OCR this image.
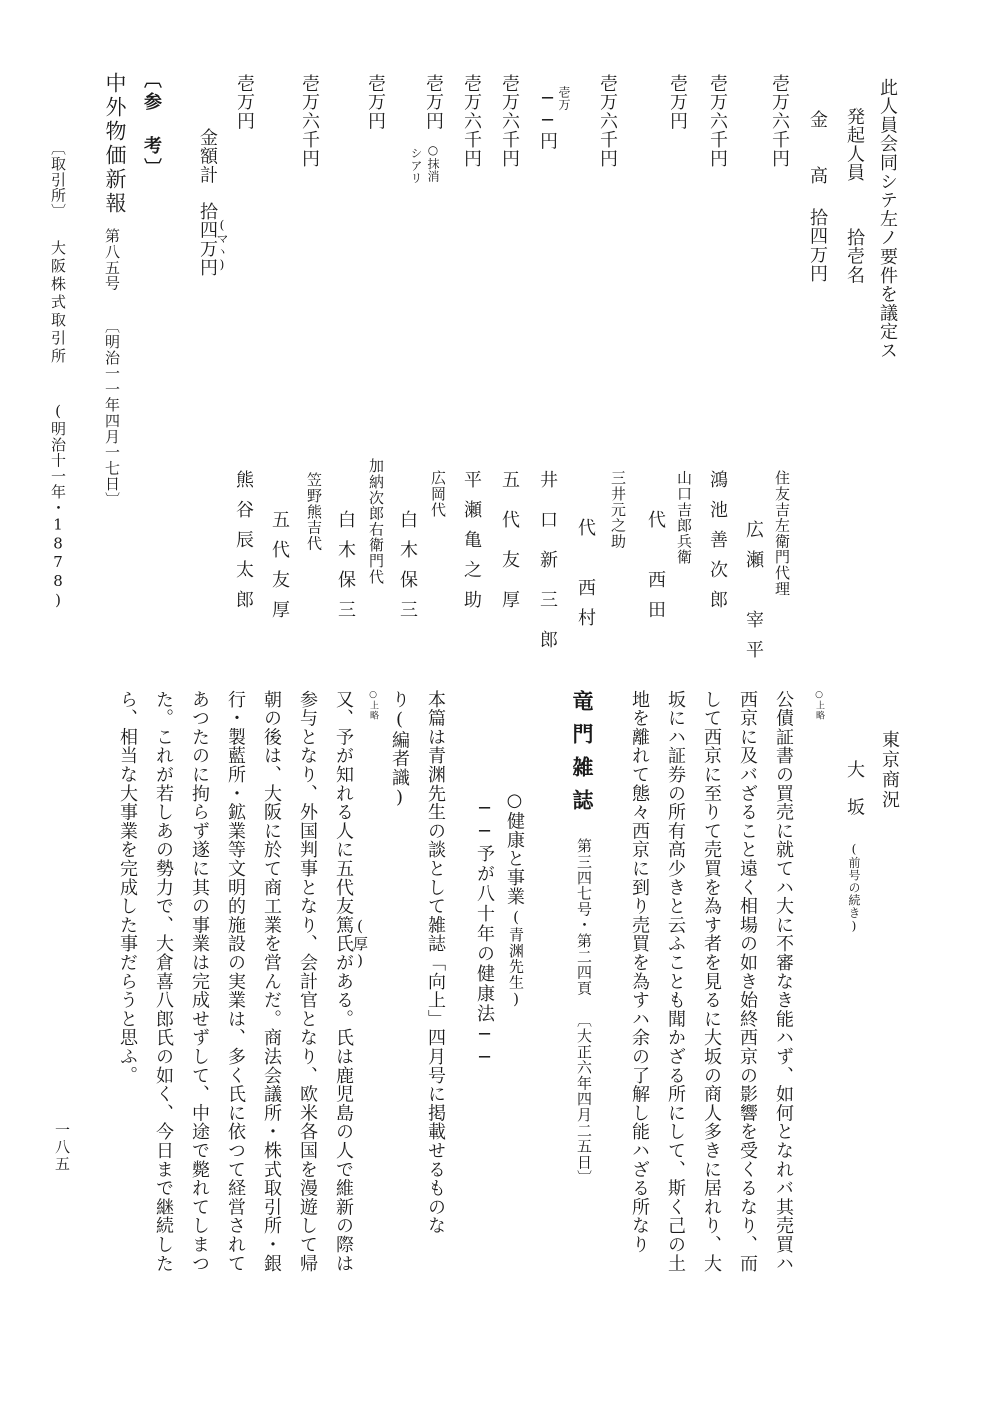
此人員会同シテ左ノ要件を議定ス
発起人員
拾壱名
金　　高
拾四万円
壱万六千円
壱万六千円
壱万円
壱万六千円
壱万
──円
壱万六千円
壱万六千円
壱万円
○抹消
シアリ
壱万円
壱万六千円
壱万円
金額計
拾四万円
(マヽ)
住友吉左衛門代理
広瀬　宰平
鴻池善次郎
山口吉郎兵衛
代　西田
三井元之助
代　西村
井口新三郎
五代友厚
平瀬亀之助
広岡代
白木保三
加納次郎右衛門代
白木保三
笠野熊吉代
五代友厚
熊谷辰太郎
〔参　考〕
中外物価新報
第八五号
〔明治一一年四月一七日〕
〔取引所〕
大阪株式取引所
(明治十一年・1878)
東京商況
大　坂
(前号の続き)
○上略
公債証書の買売に就てハ大に不審なき能ハず、如何となれバ其売買ハ
西京に及バざること遠く相場の如き始終西京の影響を受くるなり、而
して西京に至りて売買を為す者を見るに大坂の商人多きに居れり、大
坂にハ証券の所有高少きと云ふことも聞かざる所にして、斯く己の土
地を離れて態々西京に到り売買を為すハ余の了解し能ハざる所なり
竜門雑誌
第三四七号・第二四頁
〔大正六年四月二五日〕
○健康と事業
(青渊先生)
──予が八十年の健康法──
本篇は青渊先生の談として雑誌「向上」四月号に掲載せるものな
り(編者識)
○上略
又、予が知れる人に五代友篤氏がある。氏は鹿児島の人で維新の際は
(厚)
参与となり、外国判事となり、会計官となり、欧米各国を漫遊して帰
朝の後は、大阪に於て商工業を営んだ。商法会議所・株式取引所・銀
行・製藍所・鉱業等文明的施設の実業は、多く氏に依つて経営されて
あつたのに拘らず遂に其の事業は完成せずして、中途で斃れてしまつ
た。これが若しあの勢力で、大倉喜八郎氏の如く、今日まで継続した
ら、相当な大事業を完成した事だらうと思ふ。
一八五
